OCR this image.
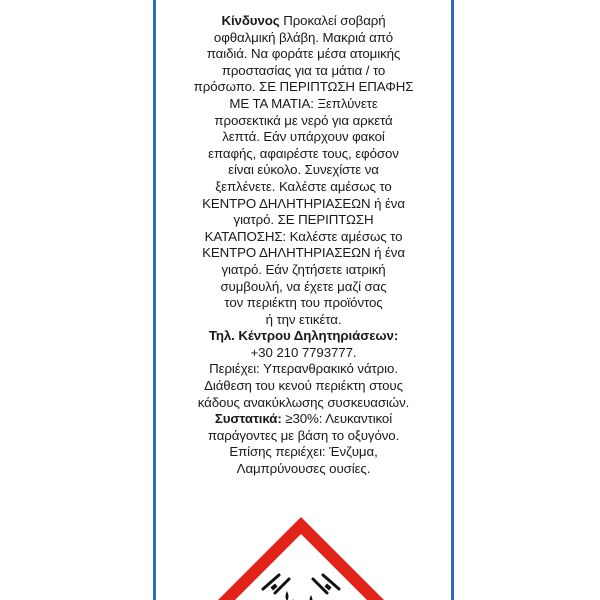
Κίνδυνος Προκαλεί σοβαρή
οφθαλμική βλάβη. Μακριά από
παιδιά. Να φοράτε μέσα ατομικής
προστασίας για τα μάτια / το
πρόσωπο. ΣΕ ΠΕΡΙΠΤΩΣΗ ΕΠΑΦΗΣ
ΜΕ ΤΑ ΜΑΤΙΑ: Ξεπλύνετε
προσεκτικά με νερό για αρκετά
λεπτά. Εάν υπάρχουν φακοί
επαφής, αφαιρέστε τους, εφόσον
είναι εύκολο. Συνεχίστε να
ξεπλένετε. Καλέστε αμέσως το
ΚΕΝΤΡΟ ΔΗΛΗΤΗΡΙΑΣΕΩΝ ή ένα
γιατρό. ΣΕ ΠΕΡΙΠΤΩΣΗ
ΚΑΤΑΠΟΣΗΣ: Καλέστε αμέσως το
ΚΕΝΤΡΟ ΔΗΛΗΤΗΡΙΑΣΕΩΝ ή ένα
γιατρό. Εάν ζητήσετε ιατρική
συμβουλή, να έχετε μαζί σας
τον περιέκτη του προϊόντος
ή την ετικέτα.
Τηλ. Κέντρου Δηλητηριάσεων:
+30 210 7793777.
Περιέχει: Υπερανθρακικό νάτριο.
Διάθεση του κενού περιέκτη στους
κάδους ανακύκλωσης συσκευασιών.
Συστατικά: ≥30%: Λευκαντικοί
παράγοντες με βάση το οξυγόνο.
Επίσης περιέχει: Ένζυμα,
Λαμπρύνουσες ουσίες.
